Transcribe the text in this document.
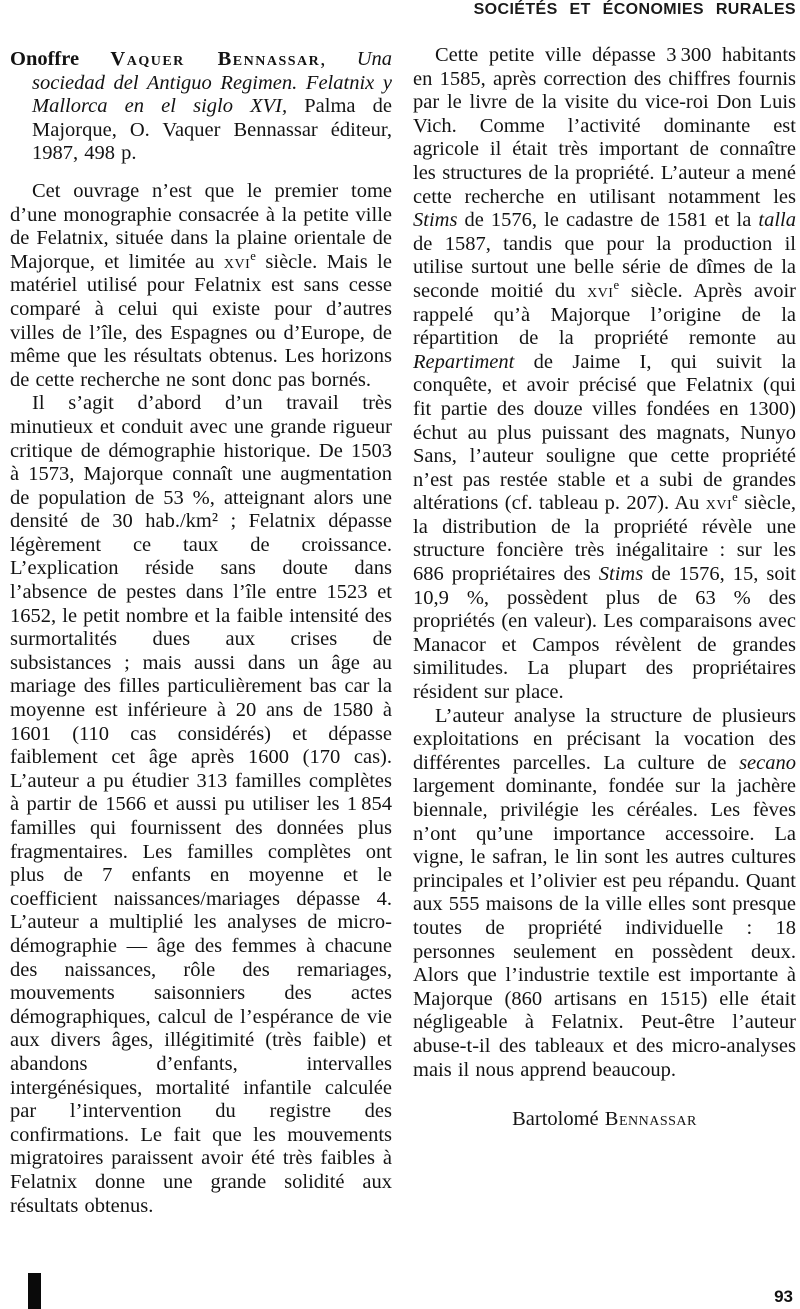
SOCIÉTÉS ET ÉCONOMIES RURALES

Onoffre Vaquer Bennassar, Una sociedad del Antiguo Regimen. Felatnix y Mallorca en el siglo XVI, Palma de Majorque, O. Vaquer Bennassar éditeur, 1987, 498 p.

Cet ouvrage n’est que le premier tome d’une monographie consacrée à la petite ville de Felatnix, située dans la plaine orientale de Majorque, et limitée au xvi$^e$ siècle. Mais le matériel utilisé pour Felatnix est sans cesse comparé à celui qui existe pour d’autres villes de l’île, des Espagnes ou d’Europe, de même que les résultats obtenus. Les horizons de cette recherche ne sont donc pas bornés.

Il s’agit d’abord d’un travail très minutieux et conduit avec une grande rigueur critique de démographie historique. De 1503 à 1573, Majorque connaît une augmentation de population de 53 %, atteignant alors une densité de 30 hab./km² ; Felatnix dépasse légèrement ce taux de croissance. L’explication réside sans doute dans l’absence de pestes dans l’île entre 1523 et 1652, le petit nombre et la faible intensité des surmortalités dues aux crises de subsistances ; mais aussi dans un âge au mariage des filles particulièrement bas car la moyenne est inférieure à 20 ans de 1580 à 1601 (110 cas considérés) et dépasse faiblement cet âge après 1600 (170 cas). L’auteur a pu étudier 313 familles complètes à partir de 1566 et aussi pu utiliser les 1 854 familles qui fournissent des données plus fragmentaires. Les familles complètes ont plus de 7 enfants en moyenne et le coefficient naissances/mariages dépasse 4. L’auteur a multiplié les analyses de micro-démographie — âge des femmes à chacune des naissances, rôle des remariages, mouvements saisonniers des actes démographiques, calcul de l’espérance de vie aux divers âges, illégitimité (très faible) et abandons d’enfants, intervalles intergénésiques, mortalité infantile calculée par l’intervention du registre des confirmations. Le fait que les mouvements migratoires paraissent avoir été très faibles à Felatnix donne une grande solidité aux résultats obtenus.

Cette petite ville dépasse 3 300 habitants en 1585, après correction des chiffres fournis par le livre de la visite du vice-roi Don Luis Vich. Comme l’activité dominante est agricole il était très important de connaître les structures de la propriété. L’auteur a mené cette recherche en utilisant notamment les Stims de 1576, le cadastre de 1581 et la talla de 1587, tandis que pour la production il utilise surtout une belle série de dîmes de la seconde moitié du xvi$^e$ siècle. Après avoir rappelé qu’à Majorque l’origine de la répartition de la propriété remonte au Repartiment de Jaime I, qui suivit la conquête, et avoir précisé que Felatnix (qui fit partie des douze villes fondées en 1300) échut au plus puissant des magnats, Nunyo Sans, l’auteur souligne que cette propriété n’est pas restée stable et a subi de grandes altérations (cf. tableau p. 207). Au xvi$^e$ siècle, la distribution de la propriété révèle une structure foncière très inégalitaire : sur les 686 propriétaires des Stims de 1576, 15, soit 10,9 %, possèdent plus de 63 % des propriétés (en valeur). Les comparaisons avec Manacor et Campos révèlent de grandes similitudes. La plupart des propriétaires résident sur place.

L’auteur analyse la structure de plusieurs exploitations en précisant la vocation des différentes parcelles. La culture de secano largement dominante, fondée sur la jachère biennale, privilégie les céréales. Les fèves n’ont qu’une importance accessoire. La vigne, le safran, le lin sont les autres cultures principales et l’olivier est peu répandu. Quant aux 555 maisons de la ville elles sont presque toutes de propriété individuelle : 18 personnes seulement en possèdent deux. Alors que l’industrie textile est importante à Majorque (860 artisans en 1515) elle était négligeable à Felatnix. Peut-être l’auteur abuse-t-il des tableaux et des micro-analyses mais il nous apprend beaucoup.

Bartolomé Bennassar

93
